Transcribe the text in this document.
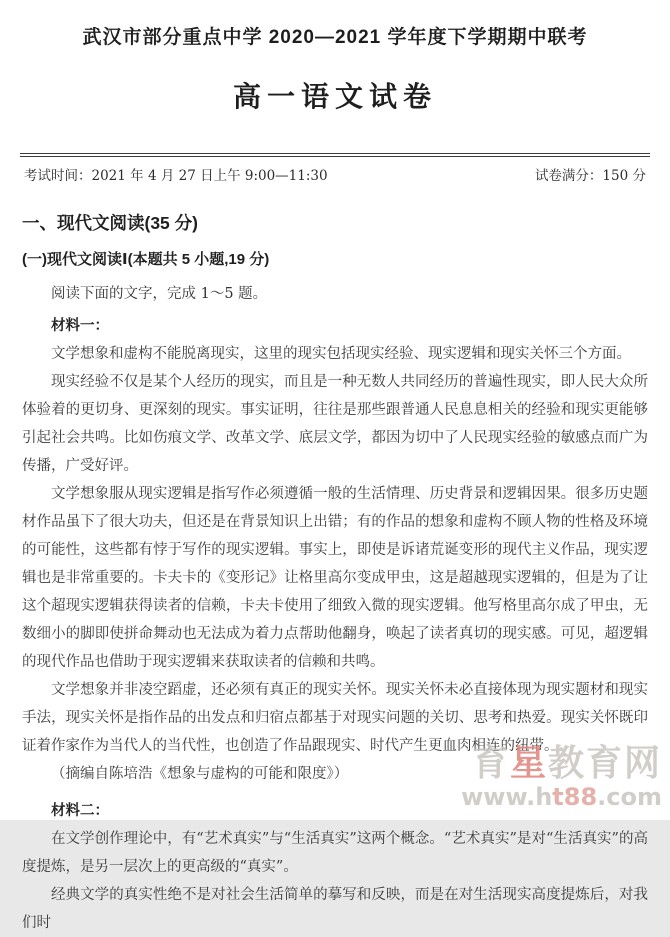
武汉市部分重点中学 2020—2021 学年度下学期期中联考
高一语文试卷
考试时间：2021 年 4 月 27 日上午 9:00—11:30	试卷满分：150 分
一、现代文阅读(35 分)
(一)现代文阅读Ⅰ(本题共 5 小题,19 分)
阅读下面的文字，完成 1～5 题。
材料一：

文学想象和虚构不能脱离现实，这里的现实包括现实经验、现实逻辑和现实关怀三个方面。

现实经验不仅是某个人经历的现实，而且是一种无数人共同经历的普遍性现实，即人民大众所体验着的更切身、更深刻的现实。事实证明，往往是那些跟普通人民息息相关的经验和现实更能够引起社会共鸣。比如伤痕文学、改革文学、底层文学，都因为切中了人民现实经验的敏感点而广为传播，广受好评。

文学想象服从现实逻辑是指写作必须遵循一般的生活情理、历史背景和逻辑因果。很多历史题材作品虽下了很大功夫，但还是在背景知识上出错；有的作品的想象和虚构不顾人物的性格及环境的可能性，这些都有悖于写作的现实逻辑。事实上，即使是诉诸荒诞变形的现代主义作品，现实逻辑也是非常重要的。卡夫卡的《变形记》让格里高尔变成甲虫，这是超越现实逻辑的，但是为了让这个超现实逻辑获得读者的信赖，卡夫卡使用了细致入微的现实逻辑。他写格里高尔成了甲虫，无数细小的脚即使拼命舞动也无法成为着力点帮助他翻身，唤起了读者真切的现实感。可见，超逻辑的现代作品也借助于现实逻辑来获取读者的信赖和共鸣。

文学想象并非凌空蹈虚，还必须有真正的现实关怀。现实关怀未必直接体现为现实题材和现实手法，现实关怀是指作品的出发点和归宿点都基于对现实问题的关切、思考和热爱。现实关怀既印证着作家作为当代人的当代性，也创造了作品跟现实、时代产生更血肉相连的纽带。

（摘编自陈培浩《想象与虚构的可能和限度》）

材料二：

在文学创作理论中，有“艺术真实”与“生活真实”这两个概念。“艺术真实”是对“生活真实”的高度提炼，是另一层次上的更高级的“真实”。

经典文学的真实性绝不是对社会生活简单的摹写和反映，而是在对生活现实高度提炼后，对我们时

育星教育网
www.ht88.com
